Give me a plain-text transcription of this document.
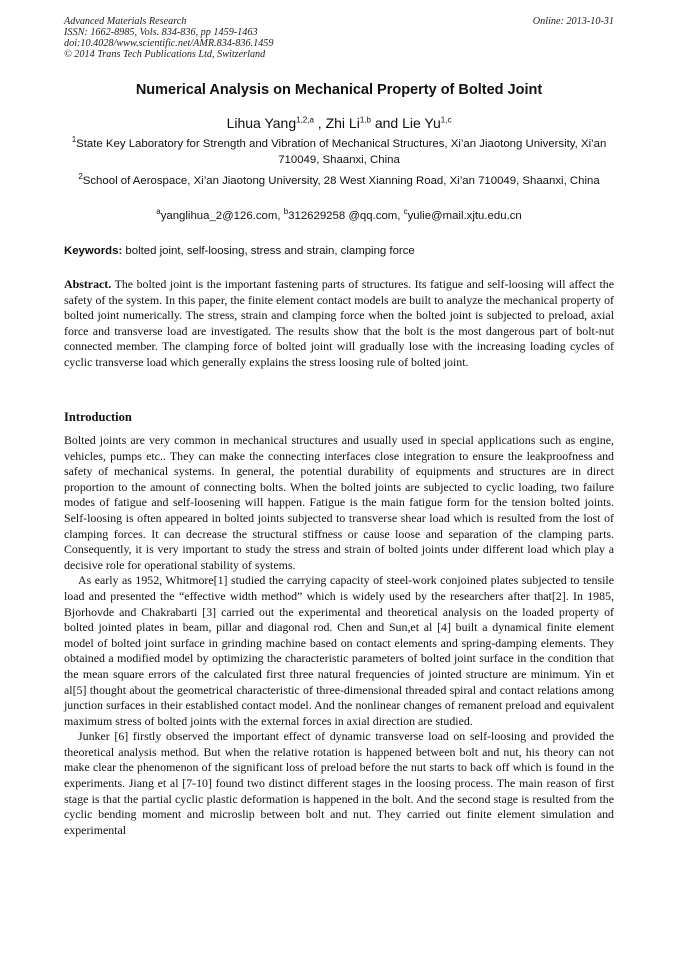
Advanced Materials Research
ISSN: 1662-8985, Vols. 834-836, pp 1459-1463
doi:10.4028/www.scientific.net/AMR.834-836.1459
© 2014 Trans Tech Publications Ltd, Switzerland
Online: 2013-10-31
Numerical Analysis on Mechanical Property of Bolted Joint
Lihua Yang$^{1,2,a}$ , Zhi Li$^{1,b}$ and Lie Yu$^{1,c}$
$^1$State Key Laboratory for Strength and Vibration of Mechanical Structures, Xi’an Jiaotong University, Xi’an 710049, Shaanxi, China
$^2$School of Aerospace, Xi’an Jiaotong University, 28 West Xianning Road, Xi’an 710049, Shaanxi, China
$^a$yanglihua_2@126.com, $^b$312629258 @qq.com, $^c$yulie@mail.xjtu.edu.cn
Keywords: bolted joint, self-loosing, stress and strain, clamping force
Abstract. The bolted joint is the important fastening parts of structures. Its fatigue and self-loosing will affect the safety of the system. In this paper, the finite element contact models are built to analyze the mechanical property of bolted joint numerically. The stress, strain and clamping force when the bolted joint is subjected to preload, axial force and transverse load are investigated. The results show that the bolt is the most dangerous part of bolt-nut connected member. The clamping force of bolted joint will gradually lose with the increasing loading cycles of cyclic transverse load which generally explains the stress loosing rule of bolted joint.
Introduction

Bolted joints are very common in mechanical structures and usually used in special applications such as engine, vehicles, pumps etc.. They can make the connecting interfaces close integration to ensure the leakproofness and safety of mechanical systems. In general, the potential durability of equipments and structures are in direct proportion to the amount of connecting bolts. When the bolted joints are subjected to cyclic loading, two failure modes of fatigue and self-loosening will happen. Fatigue is the main fatigue form for the tension bolted joints. Self-loosing is often appeared in bolted joints subjected to transverse shear load which is resulted from the lost of clamping forces. It can decrease the structural stiffness or cause loose and separation of the clamping parts. Consequently, it is very important to study the stress and strain of bolted joints under different load which play a decisive role for operational stability of systems.

As early as 1952, Whitmore[1] studied the carrying capacity of steel-work conjoined plates subjected to tensile load and presented the “effective width method” which is widely used by the researchers after that[2]. In 1985, Bjorhovde and Chakrabarti [3] carried out the experimental and theoretical analysis on the loaded property of bolted jointed plates in beam, pillar and diagonal rod. Chen and Sun,et al [4] built a dynamical finite element model of bolted joint surface in grinding machine based on contact elements and spring-damping elements. They obtained a modified model by optimizing the characteristic parameters of bolted joint surface in the condition that the mean square errors of the calculated first three natural frequencies of jointed structure are minimum. Yin et al[5] thought about the geometrical characteristic of three-dimensional threaded spiral and contact relations among junction surfaces in their established contact model. And the nonlinear changes of remanent preload and equivalent maximum stress of bolted joints with the external forces in axial direction are studied.

Junker [6] firstly observed the important effect of dynamic transverse load on self-loosing and provided the theoretical analysis method. But when the relative rotation is happened between bolt and nut, his theory can not make clear the phenomenon of the significant loss of preload before the nut starts to back off which is found in the experiments. Jiang et al [7-10] found two distinct different stages in the loosing process. The main reason of first stage is that the partial cyclic plastic deformation is happened in the bolt. And the second stage is resulted from the cyclic bending moment and microslip between bolt and nut. They carried out finite element simulation and experimental
